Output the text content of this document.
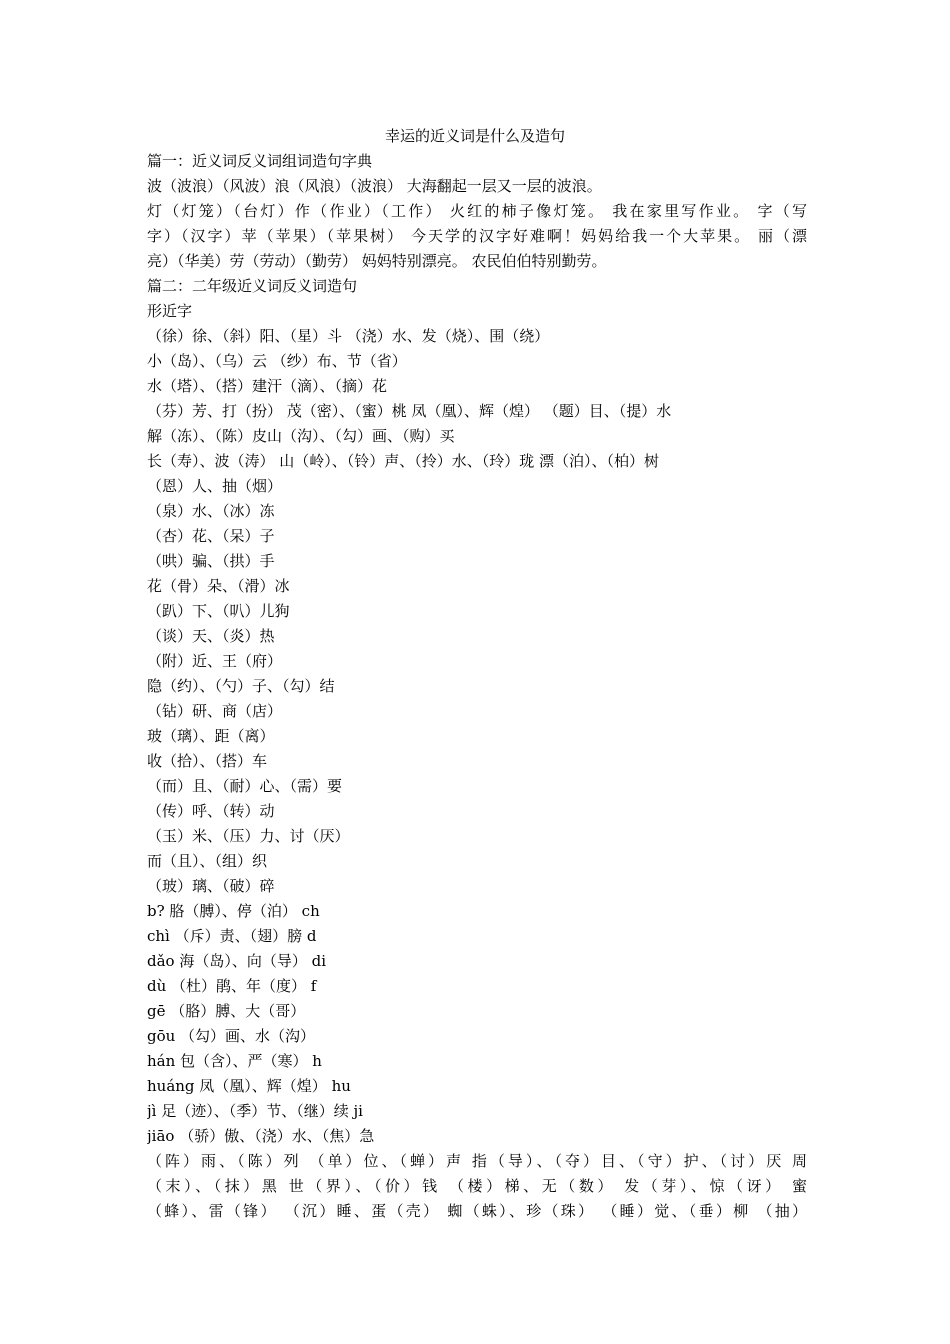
幸运的近义词是什么及造句
篇一：近义词反义词组词造句字典
波（波浪）（风波）浪（风浪）（波浪） 大海翻起一层又一层的波浪。
灯（灯笼）（台灯）作（作业）（工作） 火红的柿子像灯笼。 我在家里写作业。 字（写
字）（汉字）苹（苹果）（苹果树） 今天学的汉字好难啊！妈妈给我一个大苹果。 丽（漂
亮）（华美）劳（劳动）（勤劳） 妈妈特别漂亮。 农民伯伯特别勤劳。
篇二：二年级近义词反义词造句
形近字
（徐）徐、（斜）阳、（星）斗 （浇）水、发（烧）、围（绕）
小（岛）、（乌）云 （纱）布、节（省）
水（塔）、（搭）建汗（滴）、（摘）花
（芬）芳、打（扮） 茂（密）、（蜜）桃 凤（凰）、辉（煌） （题）目、（提）水
解（冻）、（陈）皮山（沟）、（勾）画、（购）买
长（寿）、波（涛） 山（岭）、（铃）声、（拎）水、（玲）珑 漂（泊）、（柏）树
（恩）人、抽（烟）
（泉）水、（冰）冻
（杏）花、（呆）子
（哄）骗、（拱）手
花（骨）朵、（滑）冰
（趴）下、（叭）儿狗
（谈）天、（炎）热
（附）近、王（府）
隐（约）、（勺）子、（勾）结
（钻）研、商（店）
玻（璃）、距（离）
收（拾）、（搭）车
（而）且、（耐）心、（需）要
（传）呼、（转）动
（玉）米、（压）力、讨（厌）
而（且）、（组）织
（玻）璃、（破）碎
b? 胳（膊）、停（泊） ch
chì （斥）责、（翅）膀 d
dǎo 海（岛）、向（导） di
dù （杜）鹃、年（度） f
gē （胳）膊、大（哥）
gōu （勾）画、水（沟）
hán 包（含）、严（寒） h
huáng 凤（凰）、辉（煌） hu
jì 足（迹）、（季）节、（继）续 ji
jiāo （骄）傲、（浇）水、（焦）急
（阵）雨、（陈）列 （单）位、（蝉）声 指（导）、（夺）目、（守）护、（讨）厌 周
（末）、（抹）黑 世（界）、（价）钱 （楼）梯、无（数） 发（芽）、惊（讶） 蜜
（蜂）、雷（锋） （沉）睡、蛋（壳） 蜘（蛛）、珍（珠） （睡）觉、（垂）柳 （抽）
